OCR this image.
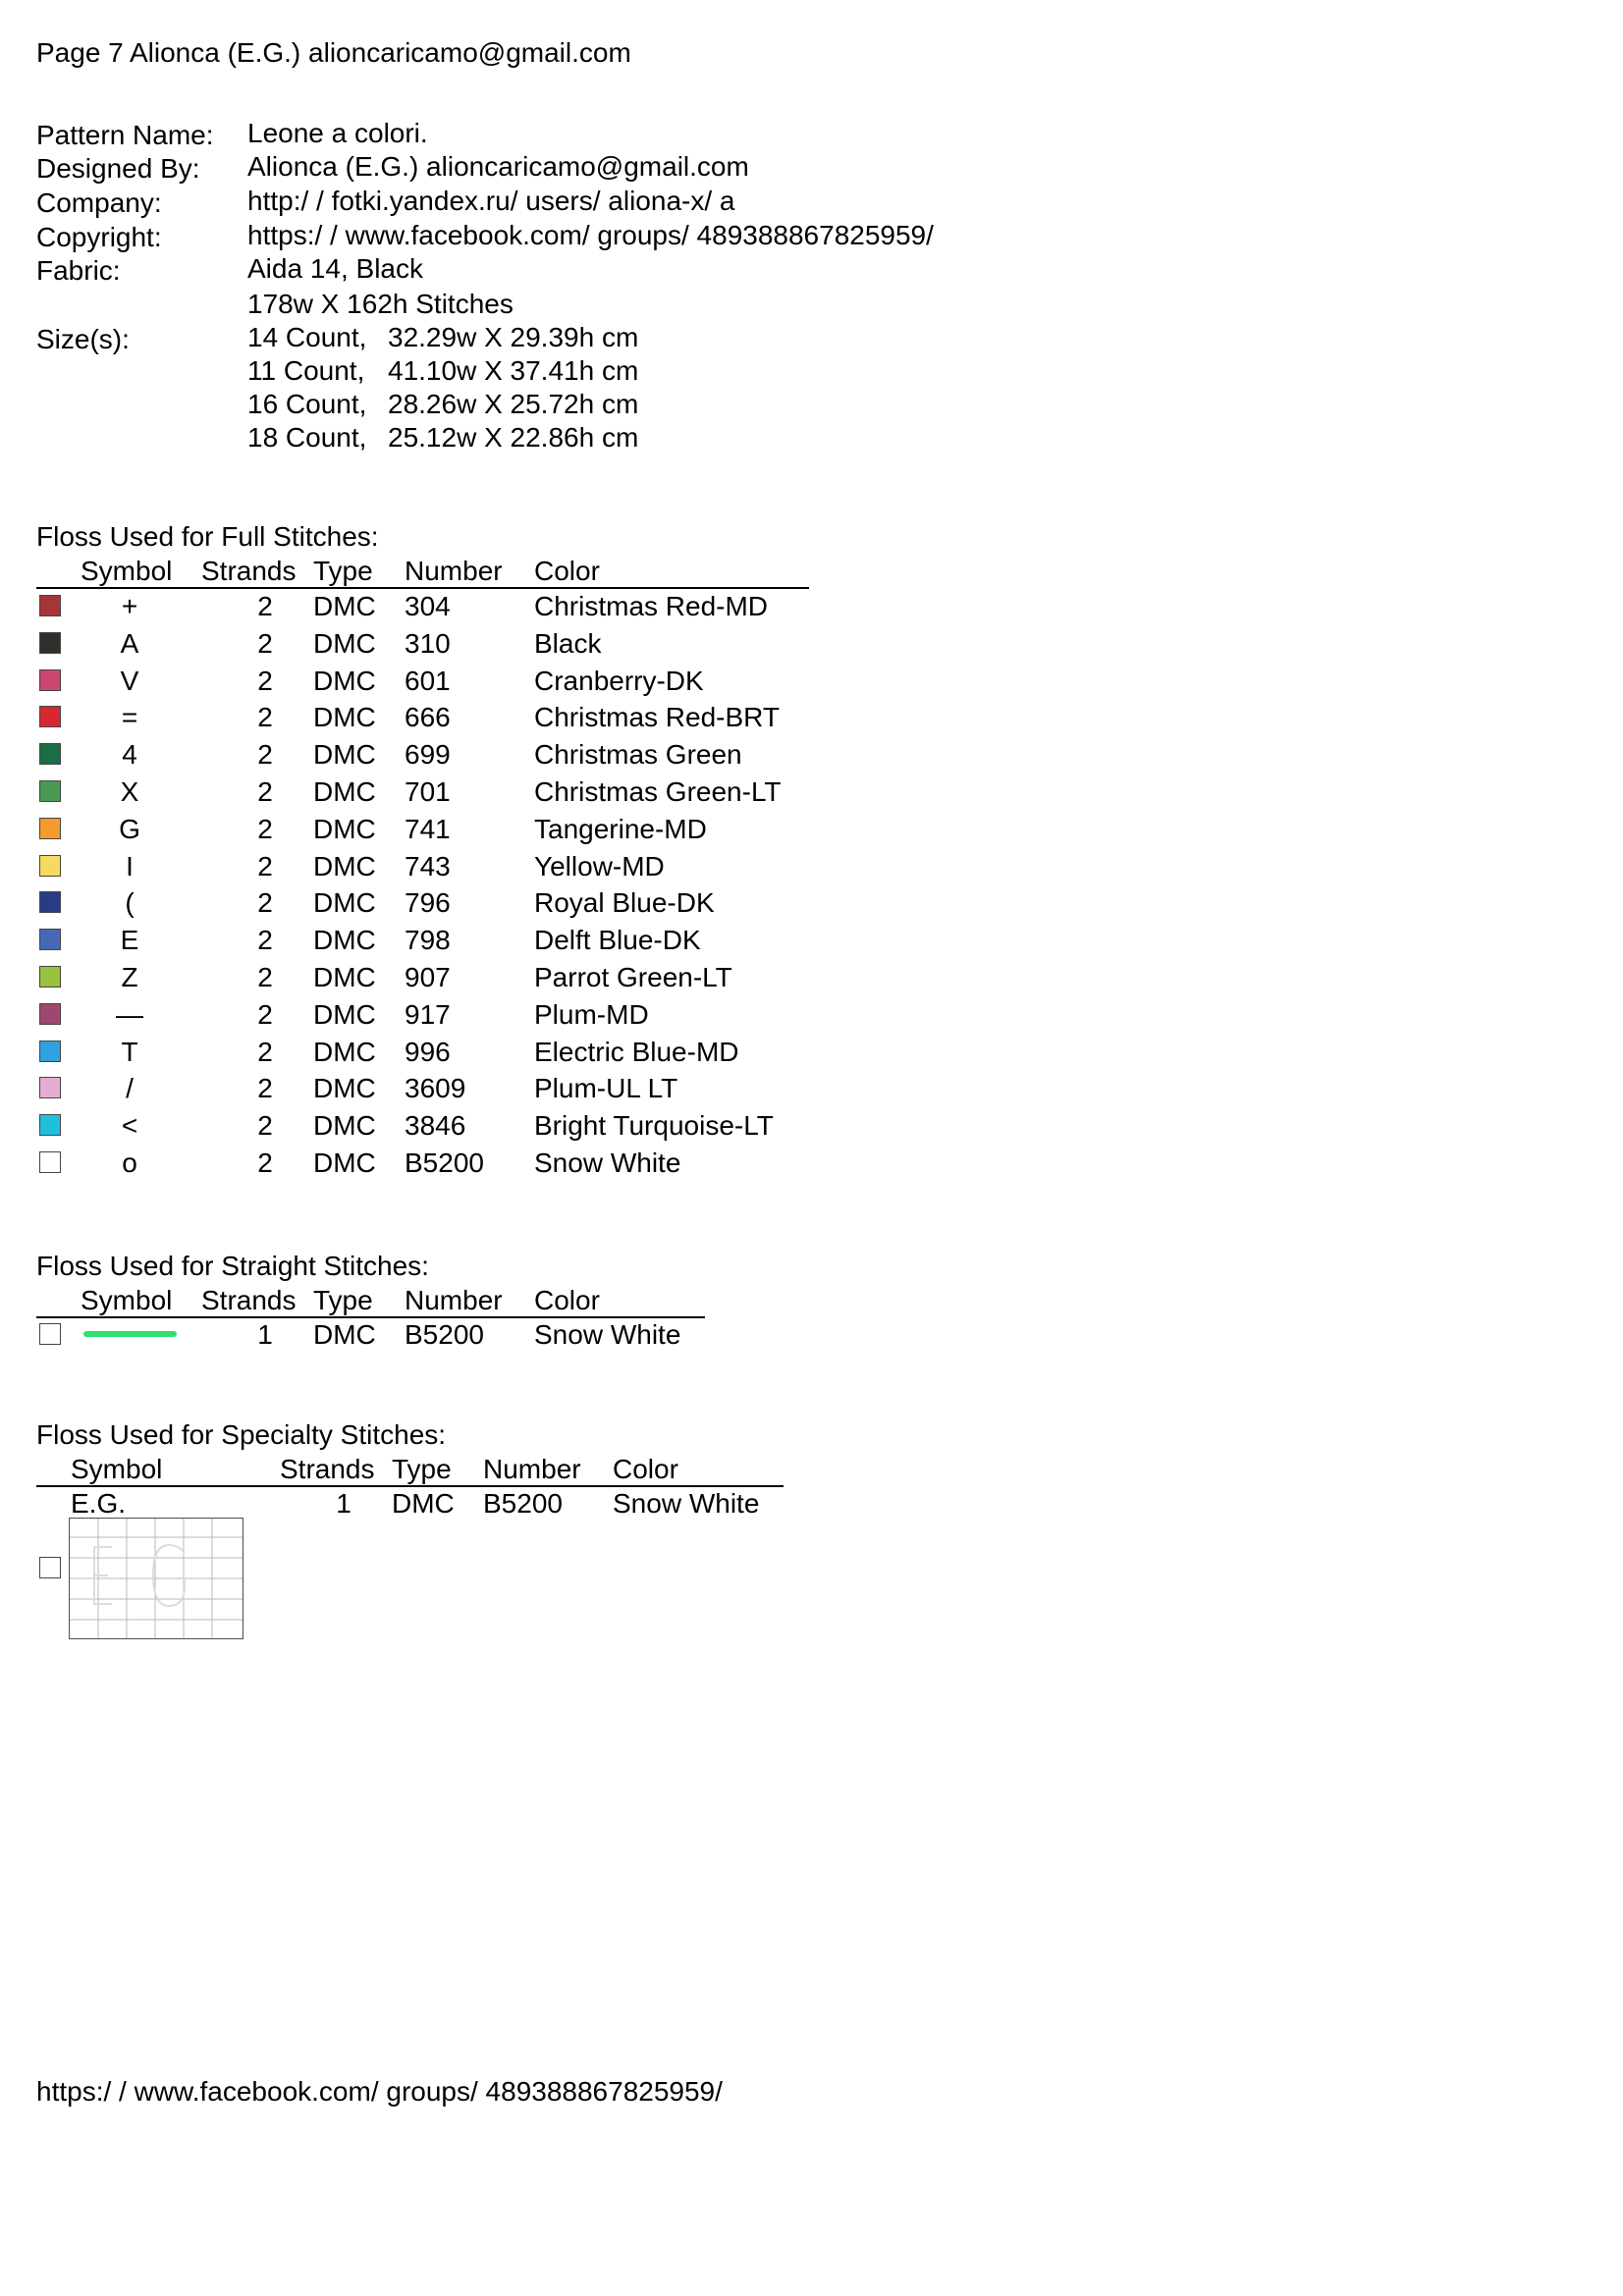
Page 7 Alionca (E.G.) alioncaricamo@gmail.com
Pattern Name: Leone a colori.
Designed By: Alionca (E.G.) alioncaricamo@gmail.com
Company:	http:/ / fotki.yandex.ru/ users/ aliona-x/ a
Copyright:	https:/ / www.facebook.com/ groups/ 489388867825959/
Fabric:	Aida 14, Black
178w X 162h Stitches
Size(s):	14 Count, 32.29w X 29.39h cm
11 Count, 41.10w X 37.41h cm
16 Count, 28.26w X 25.72h cm
18 Count, 25.12w X 22.86h cm
Floss Used for Full Stitches:
Symbol Strands Type Number Color
+	2 DMC 304	Christmas Red-MD
A	2 DMC 310	Black
V	2 DMC 601	Cranberry-DK
=	2 DMC 666	Christmas Red-BRT
4	2 DMC 699	Christmas Green
X	2 DMC 701	Christmas Green-LT
G	2 DMC 741	Tangerine-MD
I	2 DMC 743	Yellow-MD
(	2 DMC 796	Royal Blue-DK
E	2 DMC 798	Delft Blue-DK
Z	2 DMC 907	Parrot Green-LT
—	2 DMC 917	Plum-MD
T	2 DMC 996	Electric Blue-MD
/	2 DMC 3609 Plum-UL LT
<	2 DMC 3846 Bright Turquoise-LT
o	2 DMC B5200 Snow White
Floss Used for Straight Stitches:
Symbol Strands Type Number Color
1 DMC B5200 Snow White
Floss Used for Specialty Stitches:
Symbol	Strands Type Number Color
E.G.	1 DMC B5200 Snow White
https:/ / www.facebook.com/ groups/ 489388867825959/
